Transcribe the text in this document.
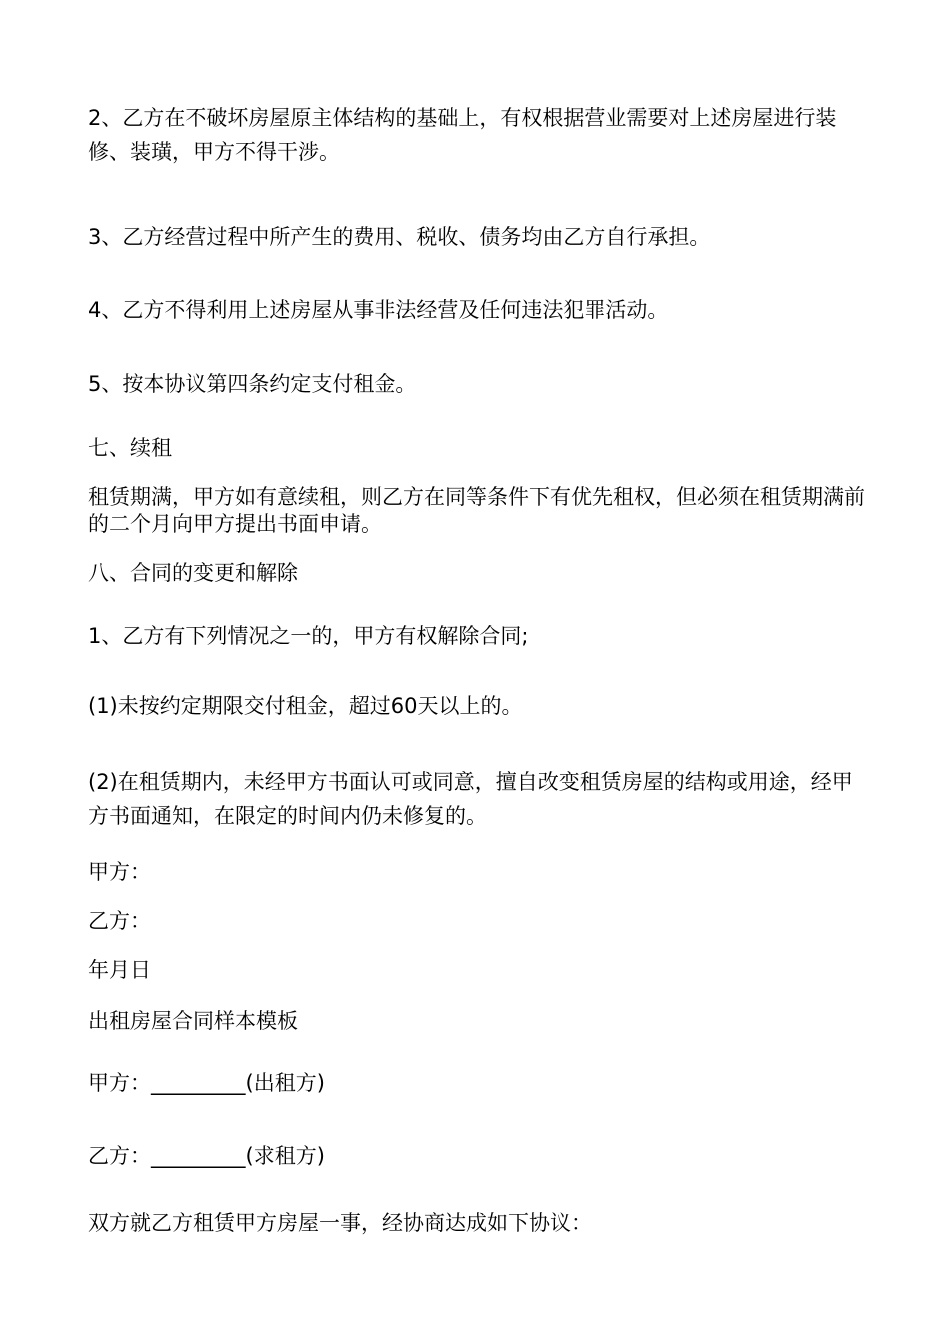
2、乙方在不破坏房屋原主体结构的基础上，有权根据营业需要对上述房屋进行装修、装璜，甲方不得干涉。

3、乙方经营过程中所产生的费用、税收、债务均由乙方自行承担。

4、乙方不得利用上述房屋从事非法经营及任何违法犯罪活动。

5、按本协议第四条约定支付租金。

七、续租

租赁期满，甲方如有意续租，则乙方在同等条件下有优先租权，但必须在租赁期满前的二个月向甲方提出书面申请。

八、合同的变更和解除

1、乙方有下列情况之一的，甲方有权解除合同;

(1)未按约定期限交付租金，超过60天以上的。

(2)在租赁期内，未经甲方书面认可或同意，擅自改变租赁房屋的结构或用途，经甲方书面通知，在限定的时间内仍未修复的。

甲方：

乙方：

年月日

出租房屋合同样本模板

甲方：_________(出租方)

乙方：_________(求租方)

双方就乙方租赁甲方房屋一事，经协商达成如下协议：
